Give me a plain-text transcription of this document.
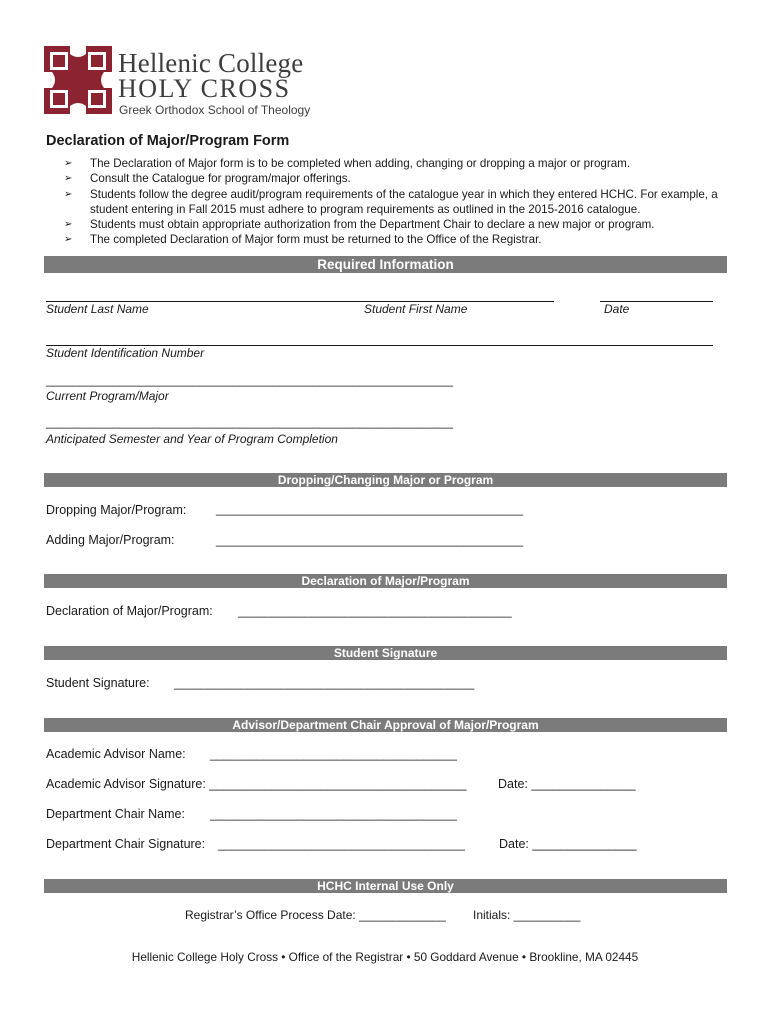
Hellenic College
HOLY CROSS
Greek Orthodox School of Theology
Declaration of Major/Program Form
➢ The Declaration of Major form is to be completed when adding, changing or dropping a major or program.
➢ Consult the Catalogue for program/major offerings.
➢ Students follow the degree audit/program requirements of the catalogue year in which they entered HCHC. For example, a student entering in Fall 2015 must adhere to program requirements as outlined in the 2015-2016 catalogue.
➢ Students must obtain appropriate authorization from the Department Chair to declare a new major or program.
➢ The completed Declaration of Major form must be returned to the Office of the Registrar.
Required Information
Student Last Name	Student First Name	Date
Student Identification Number
_____________________________________________________________
Current Program/Major
_____________________________________________________________
Anticipated Semester and Year of Program Completion
Dropping/Changing Major or Program
Dropping Major/Program: ______________________________________________
Adding Major/Program:	______________________________________________
Declaration of Major/Program
Declaration of Major/Program: _________________________________________
Student Signature
Student Signature: _____________________________________________
Advisor/Department Chair Approval of Major/Program
Academic Advisor Name: _____________________________________
Academic Advisor Signature: _____________________________________	Date: _______________
Department Chair Name: _____________________________________
Department Chair Signature: _____________________________________	Date: _______________
HCHC Internal Use Only
Registrar’s Office Process Date: _____________ Initials: __________
Hellenic College Holy Cross • Office of the Registrar • 50 Goddard Avenue • Brookline, MA 02445
